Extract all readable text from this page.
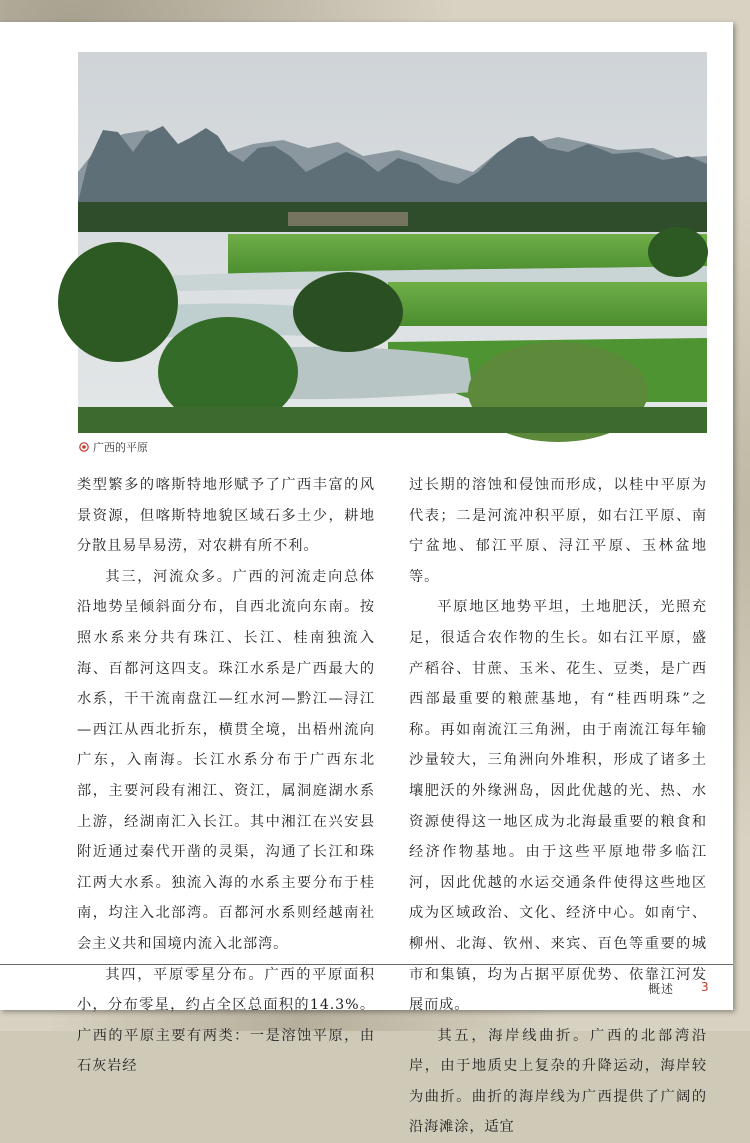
广西的平原

类型繁多的喀斯特地形赋予了广西丰富的风景资源，但喀斯特地貌区域石多土少，耕地分散且易旱易涝，对农耕有所不利。

其三，河流众多。广西的河流走向总体沿地势呈倾斜面分布，自西北流向东南。按照水系来分共有珠江、长江、桂南独流入海、百都河这四支。珠江水系是广西最大的水系，干干流南盘江—红水河—黔江—浔江—西江从西北折东，横贯全境，出梧州流向广东，入南海。长江水系分布于广西东北部，主要河段有湘江、资江，属洞庭湖水系上游，经湖南汇入长江。其中湘江在兴安县附近通过秦代开凿的灵渠，沟通了长江和珠江两大水系。独流入海的水系主要分布于桂南，均注入北部湾。百都河水系则经越南社会主义共和国境内流入北部湾。

其四，平原零星分布。广西的平原面积小，分布零星，约占全区总面积的14.3%。广西的平原主要有两类：一是溶蚀平原，由石灰岩经

过长期的溶蚀和侵蚀而形成，以桂中平原为代表；二是河流冲积平原，如右江平原、南宁盆地、郁江平原、浔江平原、玉林盆地等。

平原地区地势平坦，土地肥沃，光照充足，很适合农作物的生长。如右江平原，盛产稻谷、甘蔗、玉米、花生、豆类，是广西西部最重要的粮蔗基地，有“桂西明珠”之称。再如南流江三角洲，由于南流江每年输沙量较大，三角洲向外堆积，形成了诸多土壤肥沃的外缘洲岛，因此优越的光、热、水资源使得这一地区成为北海最重要的粮食和经济作物基地。由于这些平原地带多临江河，因此优越的水运交通条件使得这些地区成为区域政治、文化、经济中心。如南宁、柳州、北海、钦州、来宾、百色等重要的城市和集镇，均为占据平原优势、依靠江河发展而成。

其五，海岸线曲折。广西的北部湾沿岸，由于地质史上复杂的升降运动，海岸较为曲折。曲折的海岸线为广西提供了广阔的沿海滩涂，适宜

概述 3
